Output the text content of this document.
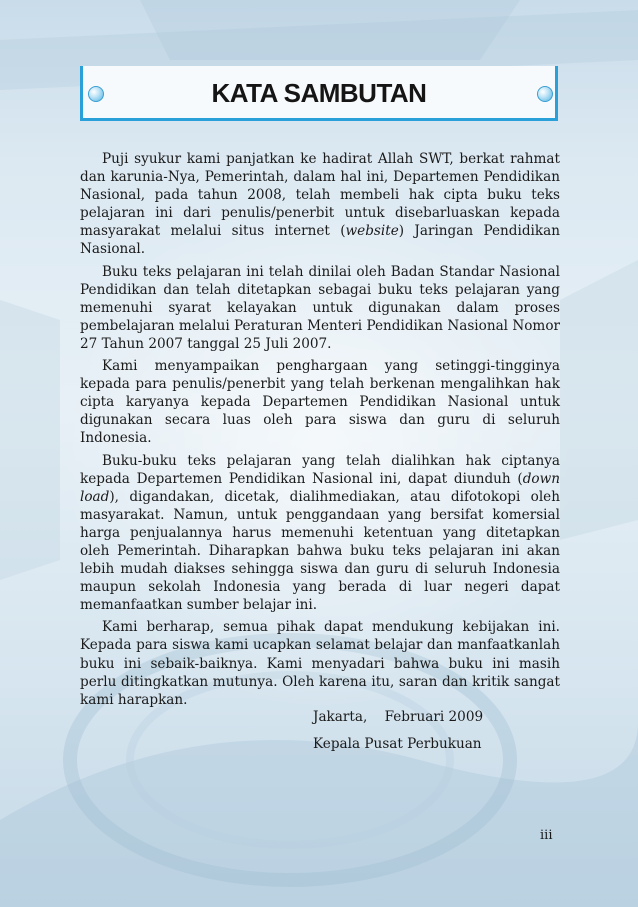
KATA SAMBUTAN

Puji syukur kami panjatkan ke hadirat Allah SWT, berkat rahmat dan karunia-Nya, Pemerintah, dalam hal ini, Departemen Pendidikan Nasional, pada tahun 2008, telah membeli hak cipta buku teks pelajaran ini dari penulis/penerbit untuk disebarluaskan kepada masyarakat melalui situs internet (website) Jaringan Pendidikan Nasional.

Buku teks pelajaran ini telah dinilai oleh Badan Standar Nasional Pendidikan dan telah ditetapkan sebagai buku teks pelajaran yang memenuhi syarat kelayakan untuk digunakan dalam proses pembelajaran melalui Peraturan Menteri Pendidikan Nasional Nomor 27 Tahun 2007 tanggal 25 Juli 2007.

Kami menyampaikan penghargaan yang setinggi-tingginya kepada para penulis/penerbit yang telah berkenan mengalihkan hak cipta karyanya kepada Departemen Pendidikan Nasional untuk digunakan secara luas oleh para siswa dan guru di seluruh Indonesia.

Buku-buku teks pelajaran yang telah dialihkan hak ciptanya kepada Departemen Pendidikan Nasional ini, dapat diunduh (down load), digandakan, dicetak, dialihmediakan, atau difotokopi oleh masyarakat. Namun, untuk penggandaan yang bersifat komersial harga penjualannya harus memenuhi ketentuan yang ditetapkan oleh Pemerintah. Diharapkan bahwa buku teks pelajaran ini akan lebih mudah diakses sehingga siswa dan guru di seluruh Indonesia maupun sekolah Indonesia yang berada di luar negeri dapat memanfaatkan sumber belajar ini.

Kami berharap, semua pihak dapat mendukung kebijakan ini. Kepada para siswa kami ucapkan selamat belajar dan manfaatkanlah buku ini sebaik-baiknya. Kami menyadari bahwa buku ini masih perlu ditingkatkan mutunya. Oleh karena itu, saran dan kritik sangat kami harapkan.

Jakarta,    Februari 2009
Kepala Pusat Perbukuan
iii
